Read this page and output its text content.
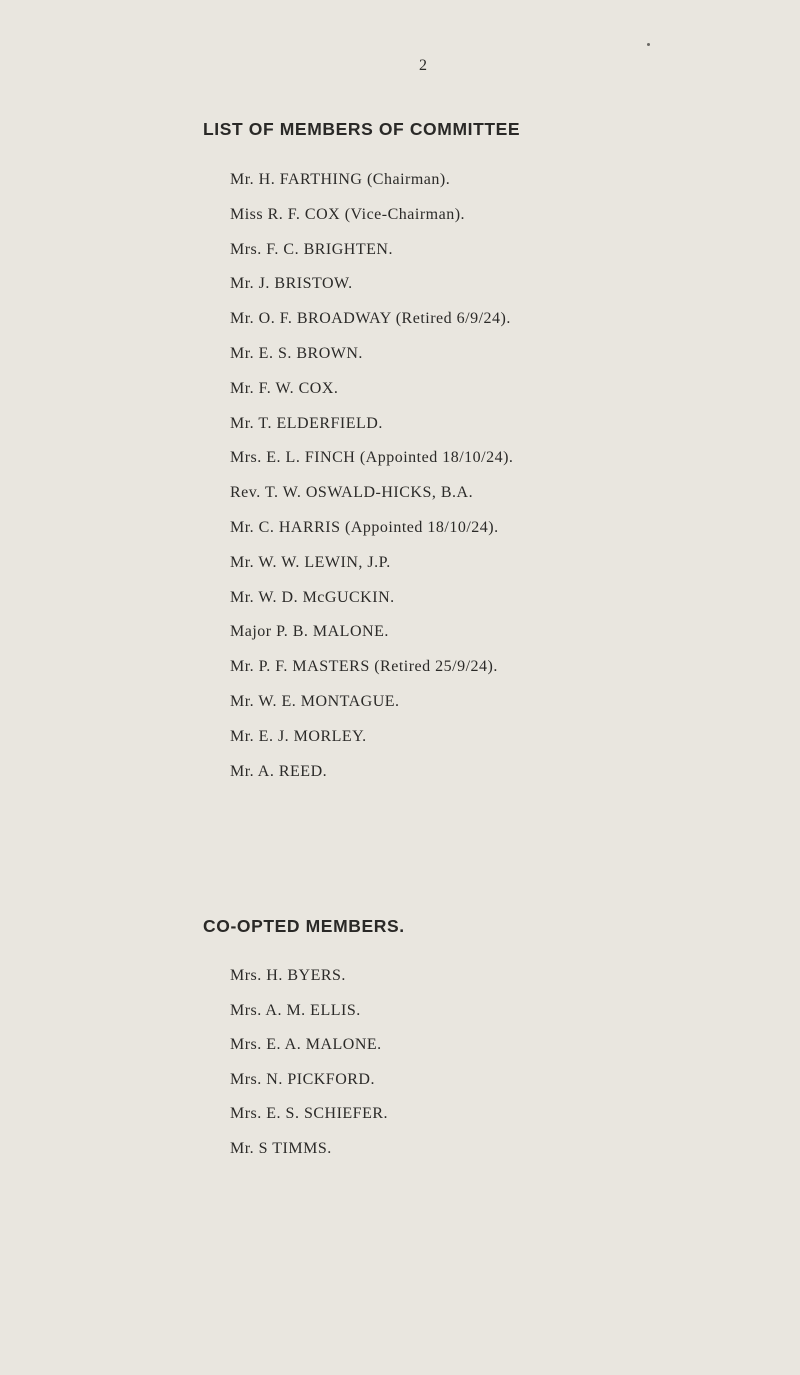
2
LIST OF MEMBERS OF COMMITTEE
Mr. H. FARTHING (Chairman).
Miss R. F. COX (Vice-Chairman).
Mrs. F. C. BRIGHTEN.
Mr. J. BRISTOW.
Mr. O. F. BROADWAY (Retired 6/9/24).
Mr. E. S. BROWN.
Mr. F. W. COX.
Mr. T. ELDERFIELD.
Mrs. E. L. FINCH (Appointed 18/10/24).
Rev. T. W. OSWALD-HICKS, B.A.
Mr. C. HARRIS (Appointed 18/10/24).
Mr. W. W. LEWIN, J.P.
Mr. W. D. McGUCKIN.
Major P. B. MALONE.
Mr. P. F. MASTERS (Retired 25/9/24).
Mr. W. E. MONTAGUE.
Mr. E. J. MORLEY.
Mr. A. REED.
CO-OPTED MEMBERS.
Mrs. H. BYERS.
Mrs. A. M. ELLIS.
Mrs. E. A. MALONE.
Mrs. N. PICKFORD.
Mrs. E. S. SCHIEFER.
Mr. S TIMMS.
